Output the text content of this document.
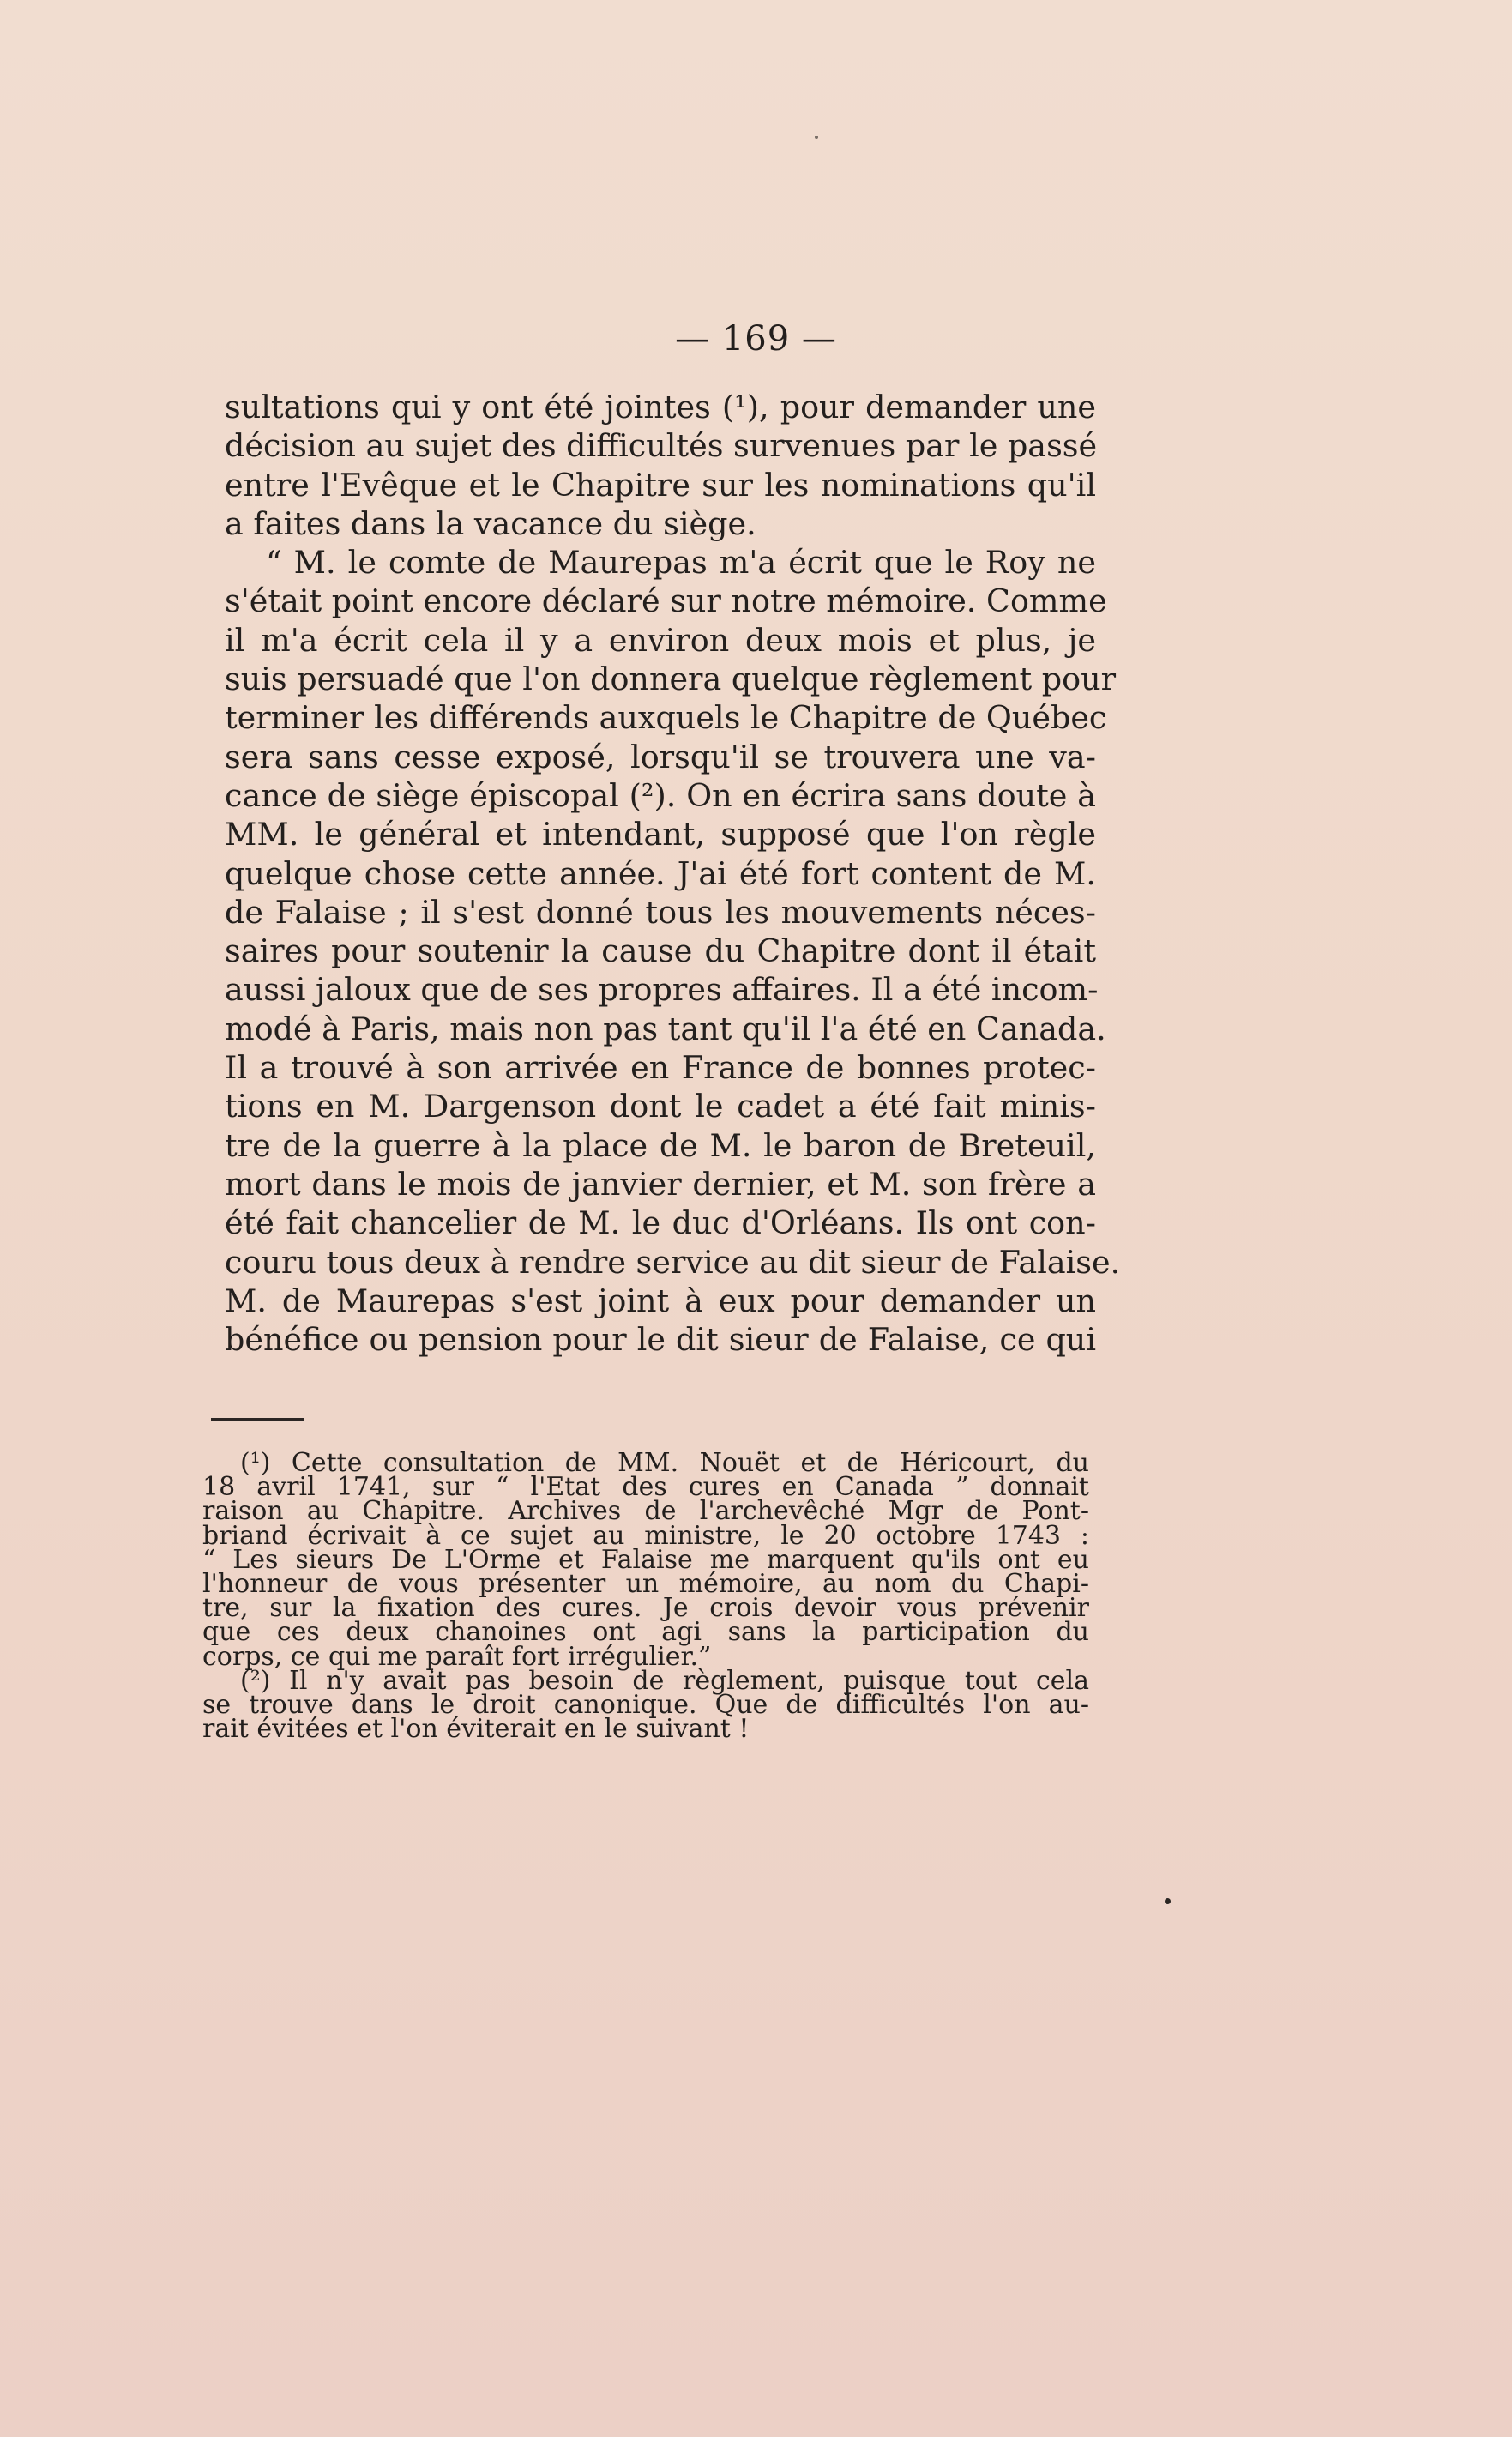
— 169 —
sultations qui y ont été jointes (¹), pour demander une
décision au sujet des difficultés survenues par le passé
entre l'Evêque et le Chapitre sur les nominations qu'il
a faites dans la vacance du siège.
“ M. le comte de Maurepas m'a écrit que le Roy ne
s'était point encore déclaré sur notre mémoire. Comme
il m'a écrit cela il y a environ deux mois et plus, je
suis persuadé que l'on donnera quelque règlement pour
terminer les différends auxquels le Chapitre de Québec
sera sans cesse exposé, lorsqu'il se trouvera une va-
cance de siège épiscopal (²). On en écrira sans doute à
MM. le général et intendant, supposé que l'on règle
quelque chose cette année. J'ai été fort content de M.
de Falaise ; il s'est donné tous les mouvements néces-
saires pour soutenir la cause du Chapitre dont il était
aussi jaloux que de ses propres affaires. Il a été incom-
modé à Paris, mais non pas tant qu'il l'a été en Canada.
Il a trouvé à son arrivée en France de bonnes protec-
tions en M. Dargenson dont le cadet a été fait minis-
tre de la guerre à la place de M. le baron de Breteuil,
mort dans le mois de janvier dernier, et M. son frère a
été fait chancelier de M. le duc d'Orléans. Ils ont con-
couru tous deux à rendre service au dit sieur de Falaise.
M. de Maurepas s'est joint à eux pour demander un
bénéfice ou pension pour le dit sieur de Falaise, ce qui
(¹) Cette consultation de MM. Nouët et de Héricourt, du
18 avril 1741, sur “ l'Etat des cures en Canada ” donnait
raison au Chapitre. Archives de l'archevêché Mgr de Pont-
briand écrivait à ce sujet au ministre, le 20 octobre 1743 :
“ Les sieurs De L'Orme et Falaise me marquent qu'ils ont eu
l'honneur de vous présenter un mémoire, au nom du Chapi-
tre, sur la fixation des cures. Je crois devoir vous prévenir
que ces deux chanoines ont agi sans la participation du
corps, ce qui me paraît fort irrégulier.”
(²) Il n'y avait pas besoin de règlement, puisque tout cela
se trouve dans le droit canonique. Que de difficultés l'on au-
rait évitées et l'on éviterait en le suivant !
